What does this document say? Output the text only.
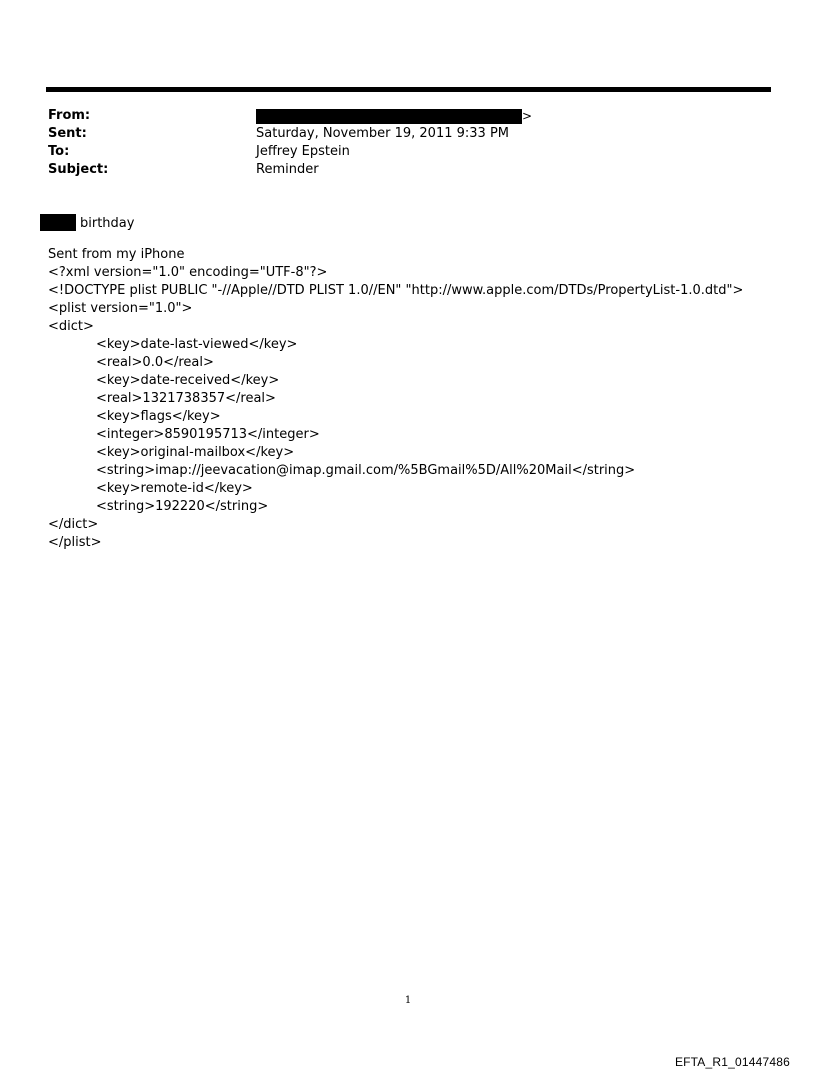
From:	>
Sent:	Saturday, November 19, 2011 9:33 PM
To:	Jeffrey Epstein
Subject:	Reminder
birthday
Sent from my iPhone
<?xml version="1.0" encoding="UTF-8"?>
<!DOCTYPE plist PUBLIC "-//Apple//DTD PLIST 1.0//EN" "http://www.apple.com/DTDs/PropertyList-1.0.dtd">
<plist version="1.0">
<dict>
<key>date-last-viewed</key>
<real>0.0</real>
<key>date-received</key>
<real>1321738357</real>
<key>flags</key>
<integer>8590195713</integer>
<key>original-mailbox</key>
<string>imap://jeevacation@imap.gmail.com/%5BGmail%5D/All%20Mail</string>
<key>remote-id</key>
<string>192220</string>
</dict>
</plist>
1
EFTA_R1_01447486
